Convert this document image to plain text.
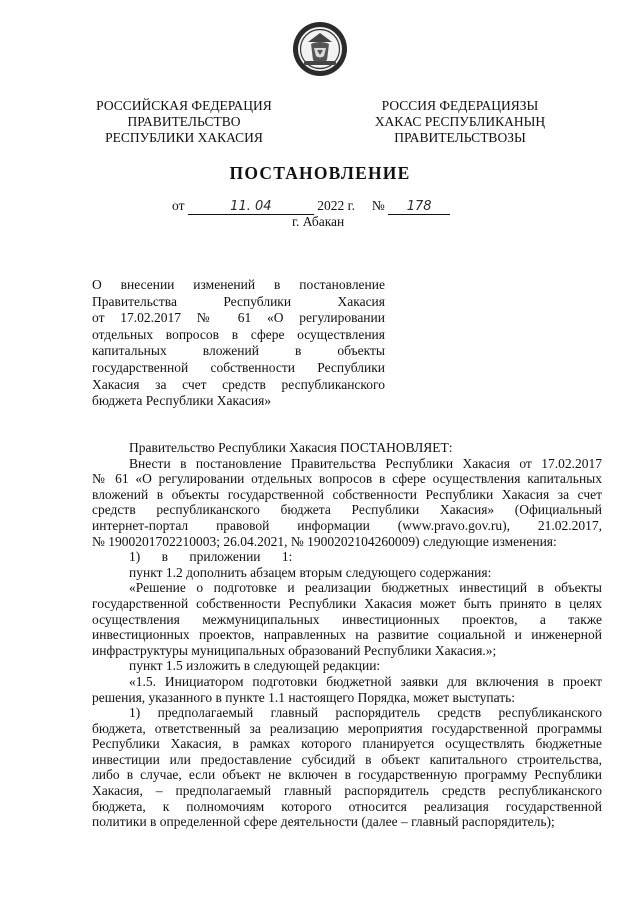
РОССИЙСКАЯ ФЕДЕРАЦИЯ
ПРАВИТЕЛЬСТВО
РЕСПУБЛИКИ ХАКАСИЯ
РОССИЯ ФЕДЕРАЦИЯЗЫ
ХАКАС РЕСПУБЛИКАНЫҢ
ПРАВИТЕЛЬСТВОЗЫ
ПОСТАНОВЛЕНИЕ
от	11. 04	2022 г. № 178
г. Абакан
О внесении изменений в постановление
Правительства Республики Хакасия
от 17.02.2017 № 61 «О регулировании
отдельных вопросов в сфере осуществления
капитальных вложений в объекты
государственной собственности Республики
Хакасия за счет средств республиканского
бюджета Республики Хакасия»
Правительство Республики Хакасия ПОСТАНОВЛЯЕТ:
Внести в постановление Правительства Республики Хакасия от 17.02.2017
№ 61 «О регулировании отдельных вопросов в сфере осуществления капитальных
вложений в объекты государственной собственности Республики Хакасия за счет
средств республиканского бюджета Республики Хакасия» (Официальный
интернет-портал правовой информации (www.pravo.gov.ru), 21.02.2017,
№ 1900201702210003; 26.04.2021, № 1900202104260009) следующие изменения:
1) в приложении 1:
пункт 1.2 дополнить абзацем вторым следующего содержания:
«Решение о подготовке и реализации бюджетных инвестиций в объекты
государственной собственности Республики Хакасия может быть принято в целях
осуществления межмуниципальных инвестиционных проектов, а также
инвестиционных проектов, направленных на развитие социальной и инженерной
инфраструктуры муниципальных образований Республики Хакасия.»;
пункт 1.5 изложить в следующей редакции:
«1.5. Инициатором подготовки бюджетной заявки для включения в проект
решения, указанного в пункте 1.1 настоящего Порядка, может выступать:
1) предполагаемый главный распорядитель средств республиканского
бюджета, ответственный за реализацию мероприятия государственной программы
Республики Хакасия, в рамках которого планируется осуществлять бюджетные
инвестиции или предоставление субсидий в объект капитального строительства,
либо в случае, если объект не включен в государственную программу Республики
Хакасия, – предполагаемый главный распорядитель средств республиканского
бюджета, к полномочиям которого относится реализация государственной
политики в определенной сфере деятельности (далее – главный распорядитель);
